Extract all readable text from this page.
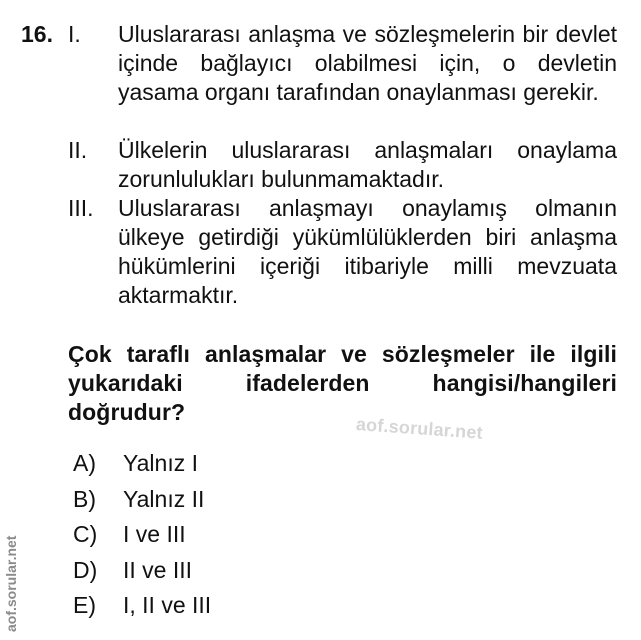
16. I. Uluslararası anlaşma ve sözleşmelerin bir devlet içinde bağlayıcı olabilmesi için, o devletin yasama organı tarafından onaylanması gerekir.
II. Ülkelerin uluslararası anlaşmaları onaylama zorunlulukları bulunmamaktadır.
III. Uluslararası anlaşmayı onaylamış olmanın ülkeye getirdiği yükümlülüklerden biri anlaşma hükümlerini içeriği itibariyle milli mevzuata aktarmaktır.
Çok taraflı anlaşmalar ve sözleşmeler ile ilgili yukarıdaki ifadelerden hangisi/hangileri doğrudur?
aof.sorular.net
A) Yalnız I
B) Yalnız II
C) I ve III
D) II ve III
E) I, II ve III
aof.sorular.net
